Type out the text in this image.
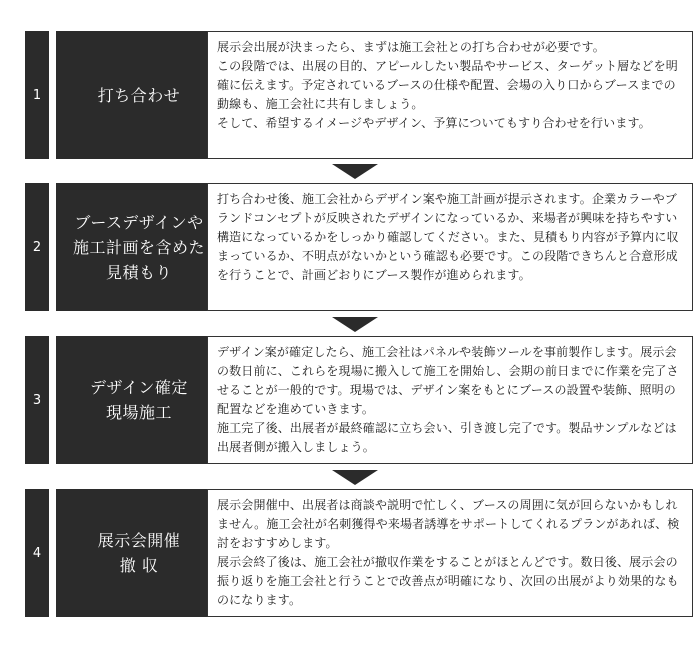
1	打ち合わせ
展示会出展が決まったら、まずは施工会社との打ち合わせが必要です。
この段階では、出展の目的、アピールしたい製品やサービス、ターゲット層などを明確に伝えます。予定されているブースの仕様や配置、会場の入り口からブースまでの動線も、施工会社に共有しましょう。
そして、希望するイメージやデザイン、予算についてもすり合わせを行います。
2
ブースデザインや
施工計画を含めた
見積もり
打ち合わせ後、施工会社からデザイン案や施工計画が提示されます。企業カラーやブランドコンセプトが反映されたデザインになっているか、来場者が興味を持ちやすい構造になっているかをしっかり確認してください。また、見積もり内容が予算内に収まっているか、不明点がないかという確認も必要です。この段階できちんと合意形成を行うことで、計画どおりにブース製作が進められます。
3
デザイン確定
現場施工
デザイン案が確定したら、施工会社はパネルや装飾ツールを事前製作します。展示会の数日前に、これらを現場に搬入して施工を開始し、会期の前日までに作業を完了させることが一般的です。現場では、デザイン案をもとにブースの設置や装飾、照明の配置などを進めていきます。
施工完了後、出展者が最終確認に立ち会い、引き渡し完了です。製品サンプルなどは出展者側が搬入しましょう。
4
展示会開催
撤 収
展示会開催中、出展者は商談や説明で忙しく、ブースの周囲に気が回らないかもしれません。施工会社が名刺獲得や来場者誘導をサポートしてくれるプランがあれば、検討をおすすめします。
展示会終了後は、施工会社が撤収作業をすることがほとんどです。数日後、展示会の振り返りを施工会社と行うことで改善点が明確になり、次回の出展がより効果的なものになります。
